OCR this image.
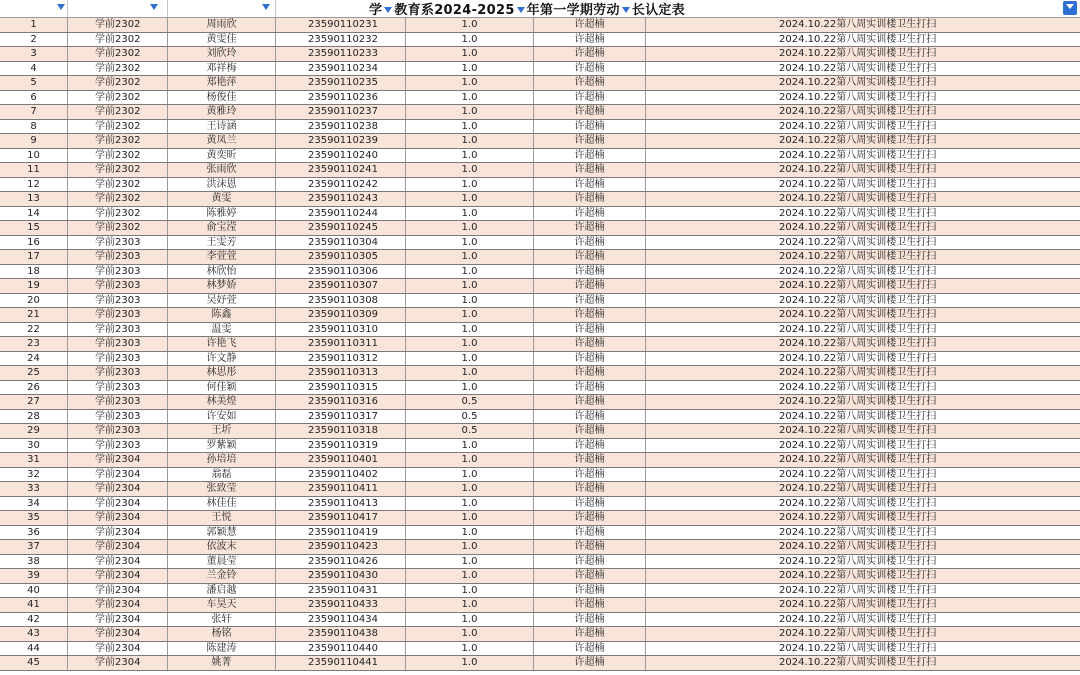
学 教育系2024-2025 年第一学期劳动 长认定表
1	学前2302	周雨欣	23590110231	1.0	许超楠	2024.10.22第八周实训楼卫生打扫
2	学前2302	黄雯佳	23590110232	1.0	许超楠	2024.10.22第八周实训楼卫生打扫
3	学前2302	刘欣玲	23590110233	1.0	许超楠	2024.10.22第八周实训楼卫生打扫
4	学前2302	邓祥梅	23590110234	1.0	许超楠	2024.10.22第八周实训楼卫生打扫
5	学前2302	郑艳萍	23590110235	1.0	许超楠	2024.10.22第八周实训楼卫生打扫
6	学前2302	杨俊佳	23590110236	1.0	许超楠	2024.10.22第八周实训楼卫生打扫
7	学前2302	黄雅玲	23590110237	1.0	许超楠	2024.10.22第八周实训楼卫生打扫
8	学前2302	王诗涵	23590110238	1.0	许超楠	2024.10.22第八周实训楼卫生打扫
9	学前2302	黄凤兰	23590110239	1.0	许超楠	2024.10.22第八周实训楼卫生打扫
10	学前2302	黄奕昕	23590110240	1.0	许超楠	2024.10.22第八周实训楼卫生打扫
11	学前2302	张雨欣	23590110241	1.0	许超楠	2024.10.22第八周实训楼卫生打扫
12	学前2302	洪沫恩	23590110242	1.0	许超楠	2024.10.22第八周实训楼卫生打扫
13	学前2302	黄雯	23590110243	1.0	许超楠	2024.10.22第八周实训楼卫生打扫
14	学前2302	陈雅婷	23590110244	1.0	许超楠	2024.10.22第八周实训楼卫生打扫
15	学前2302	俞宝滢	23590110245	1.0	许超楠	2024.10.22第八周实训楼卫生打扫
16	学前2303	王雯芳	23590110304	1.0	许超楠	2024.10.22第八周实训楼卫生打扫
17	学前2303	李萱萱	23590110305	1.0	许超楠	2024.10.22第八周实训楼卫生打扫
18	学前2303	林欣怡	23590110306	1.0	许超楠	2024.10.22第八周实训楼卫生打扫
19	学前2303	林梦娇	23590110307	1.0	许超楠	2024.10.22第八周实训楼卫生打扫
20	学前2303	吴妤萱	23590110308	1.0	许超楠	2024.10.22第八周实训楼卫生打扫
21	学前2303	陈鑫	23590110309	1.0	许超楠	2024.10.22第八周实训楼卫生打扫
22	学前2303	温雯	23590110310	1.0	许超楠	2024.10.22第八周实训楼卫生打扫
23	学前2303	许艳飞	23590110311	1.0	许超楠	2024.10.22第八周实训楼卫生打扫
24	学前2303	许文静	23590110312	1.0	许超楠	2024.10.22第八周实训楼卫生打扫
25	学前2303	林思彤	23590110313	1.0	许超楠	2024.10.22第八周实训楼卫生打扫
26	学前2303	何佳颖	23590110315	1.0	许超楠	2024.10.22第八周实训楼卫生打扫
27	学前2303	林美煌	23590110316	0.5	许超楠	2024.10.22第八周实训楼卫生打扫
28	学前2303	许安如	23590110317	0.5	许超楠	2024.10.22第八周实训楼卫生打扫
29	学前2303	王圻	23590110318	0.5	许超楠	2024.10.22第八周实训楼卫生打扫
30	学前2303	罗紫颖	23590110319	1.0	许超楠	2024.10.22第八周实训楼卫生打扫
31	学前2304	孙培培	23590110401	1.0	许超楠	2024.10.22第八周实训楼卫生打扫
32	学前2304	翁磊	23590110402	1.0	许超楠	2024.10.22第八周实训楼卫生打扫
33	学前2304	张致莹	23590110411	1.0	许超楠	2024.10.22第八周实训楼卫生打扫
34	学前2304	林佳佳	23590110413	1.0	许超楠	2024.10.22第八周实训楼卫生打扫
35	学前2304	王悦	23590110417	1.0	许超楠	2024.10.22第八周实训楼卫生打扫
36	学前2304	郭颖慧	23590110419	1.0	许超楠	2024.10.22第八周实训楼卫生打扫
37	学前2304	依波末	23590110423	1.0	许超楠	2024.10.22第八周实训楼卫生打扫
38	学前2304	董晨莹	23590110426	1.0	许超楠	2024.10.22第八周实训楼卫生打扫
39	学前2304	兰金铃	23590110430	1.0	许超楠	2024.10.22第八周实训楼卫生打扫
40	学前2304	潘启越	23590110431	1.0	许超楠	2024.10.22第八周实训楼卫生打扫
41	学前2304	车昊天	23590110433	1.0	许超楠	2024.10.22第八周实训楼卫生打扫
42	学前2304	张轩	23590110434	1.0	许超楠	2024.10.22第八周实训楼卫生打扫
43	学前2304	杨铭	23590110438	1.0	许超楠	2024.10.22第八周实训楼卫生打扫
44	学前2304	陈建涛	23590110440	1.0	许超楠	2024.10.22第八周实训楼卫生打扫
45	学前2304	姚菁	23590110441	1.0	许超楠	2024.10.22第八周实训楼卫生打扫
